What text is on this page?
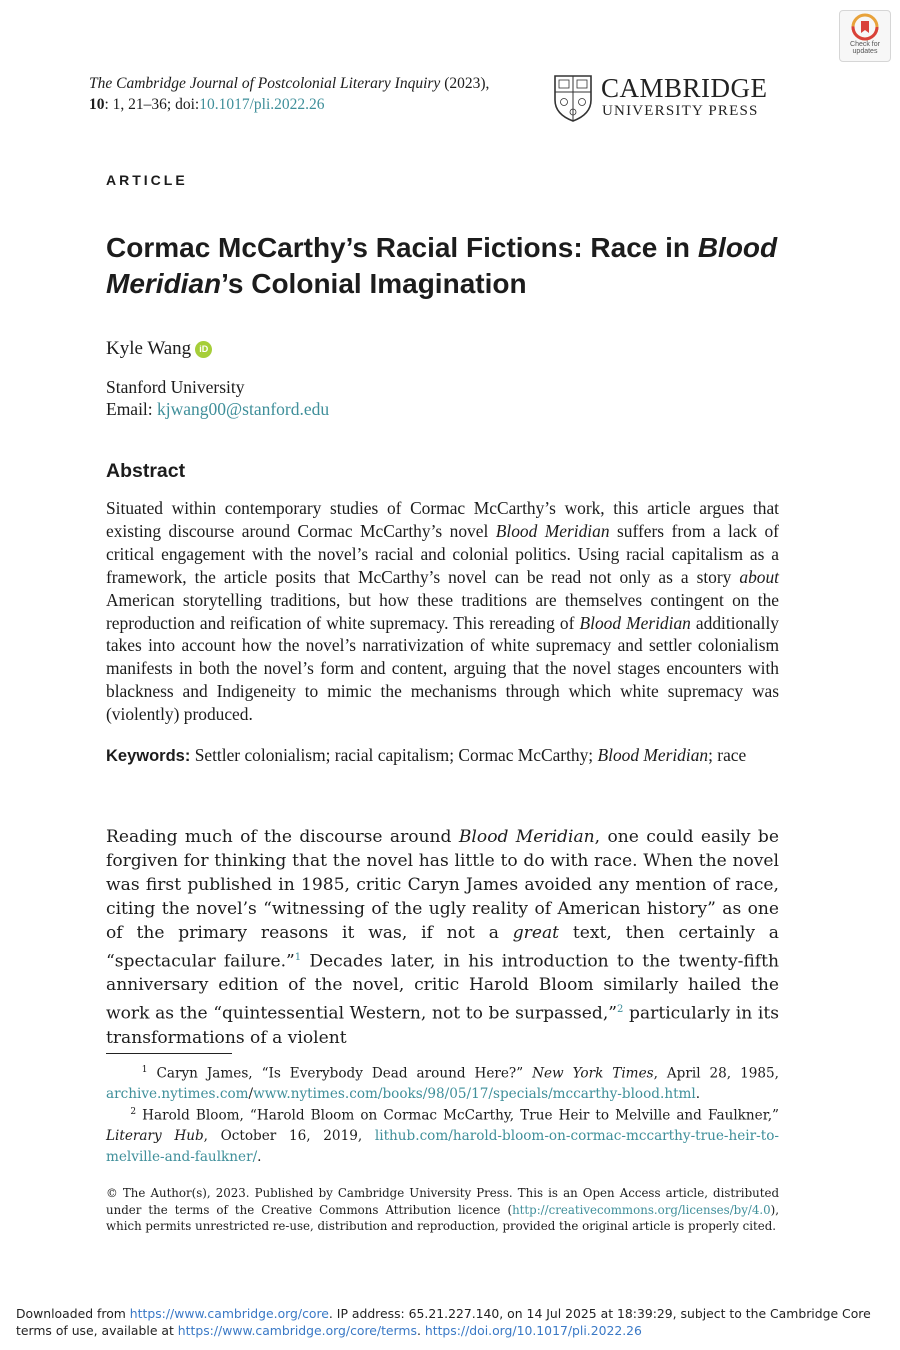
Check for updates
The Cambridge Journal of Postcolonial Literary Inquiry (2023),
10: 1, 21–36; doi:10.1017/pli.2022.26
CAMBRIDGE
UNIVERSITY PRESS
ARTICLE
Cormac McCarthy’s Racial Fictions: Race in Blood Meridian’s Colonial Imagination
Kyle Wang iD
Stanford University
Email: kjwang00@stanford.edu
Abstract
Situated within contemporary studies of Cormac McCarthy’s work, this article argues that existing discourse around Cormac McCarthy’s novel Blood Meridian suffers from a lack of critical engagement with the novel’s racial and colonial politics. Using racial capitalism as a framework, the article posits that McCarthy’s novel can be read not only as a story about American storytelling traditions, but how these traditions are themselves contingent on the reproduction and reification of white supremacy. This rereading of Blood Meridian additionally takes into account how the novel’s narrativization of white supremacy and settler colonialism manifests in both the novel’s form and content, arguing that the novel stages encounters with blackness and Indigeneity to mimic the mechanisms through which white supremacy was (violently) produced.
Keywords: Settler colonialism; racial capitalism; Cormac McCarthy; Blood Meridian; race
Reading much of the discourse around Blood Meridian, one could easily be forgiven for thinking that the novel has little to do with race. When the novel was first published in 1985, critic Caryn James avoided any mention of race, citing the novel’s “witnessing of the ugly reality of American history” as one of the primary reasons it was, if not a great text, then certainly a “spectacular failure.”$^1$ Decades later, in his introduction to the twenty-fifth anniversary edition of the novel, critic Harold Bloom similarly hailed the work as the “quintessential Western, not to be surpassed,”$^2$ particularly in its transformations of a violent
$^1$ Caryn James, “Is Everybody Dead around Here?” New York Times, April 28, 1985, archive.nytimes.com/www.nytimes.com/books/98/05/17/specials/mccarthy-blood.html.
$^2$ Harold Bloom, “Harold Bloom on Cormac McCarthy, True Heir to Melville and Faulkner,” Literary Hub, October 16, 2019, lithub.com/harold-bloom-on-cormac-mccarthy-true-heir-to-melville-and-faulkner/.
© The Author(s), 2023. Published by Cambridge University Press. This is an Open Access article, distributed under the terms of the Creative Commons Attribution licence (http://creativecommons.org/licenses/by/4.0), which permits unrestricted re-use, distribution and reproduction, provided the original article is properly cited.
Downloaded from https://www.cambridge.org/core. IP address: 65.21.227.140, on 14 Jul 2025 at 18:39:29, subject to the Cambridge Core terms of use, available at https://www.cambridge.org/core/terms. https://doi.org/10.1017/pli.2022.26
